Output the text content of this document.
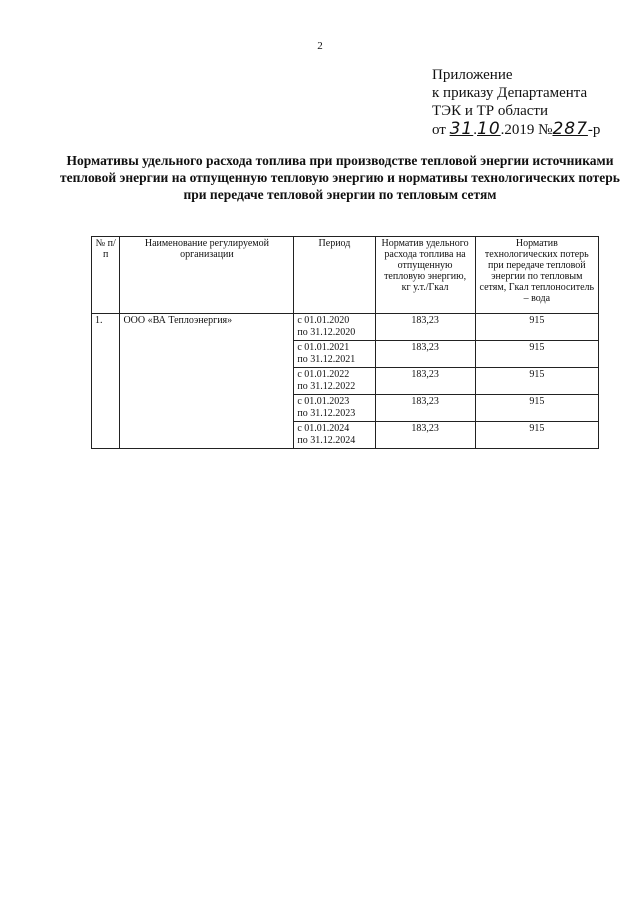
2
Приложение
к приказу Департамента
ТЭК и ТР области
от 31.10.2019 №287-р
Нормативы удельного расхода топлива при производстве тепловой энергии источниками тепловой энергии на отпущенную тепловую энергию и нормативы технологических потерь при передаче тепловой энергии по тепловым сетям
№ п/п	Наименование регулируемой организации	Период	Норматив удельного расхода топлива на отпущенную тепловую энергию, кг у.т./Гкал	Норматив технологических потерь при передаче тепловой энергии по тепловым сетям, Гкал теплоноситель – вода
1.	ООО «ВА Теплоэнергия»	с 01.01.2020
по 31.12.2020	183,23	915

		с 01.01.2021
по 31.12.2021	183,23	915

		с 01.01.2022
по 31.12.2022	183,23	915

		с 01.01.2023
по 31.12.2023	183,23	915

		с 01.01.2024
по 31.12.2024	183,23	915
